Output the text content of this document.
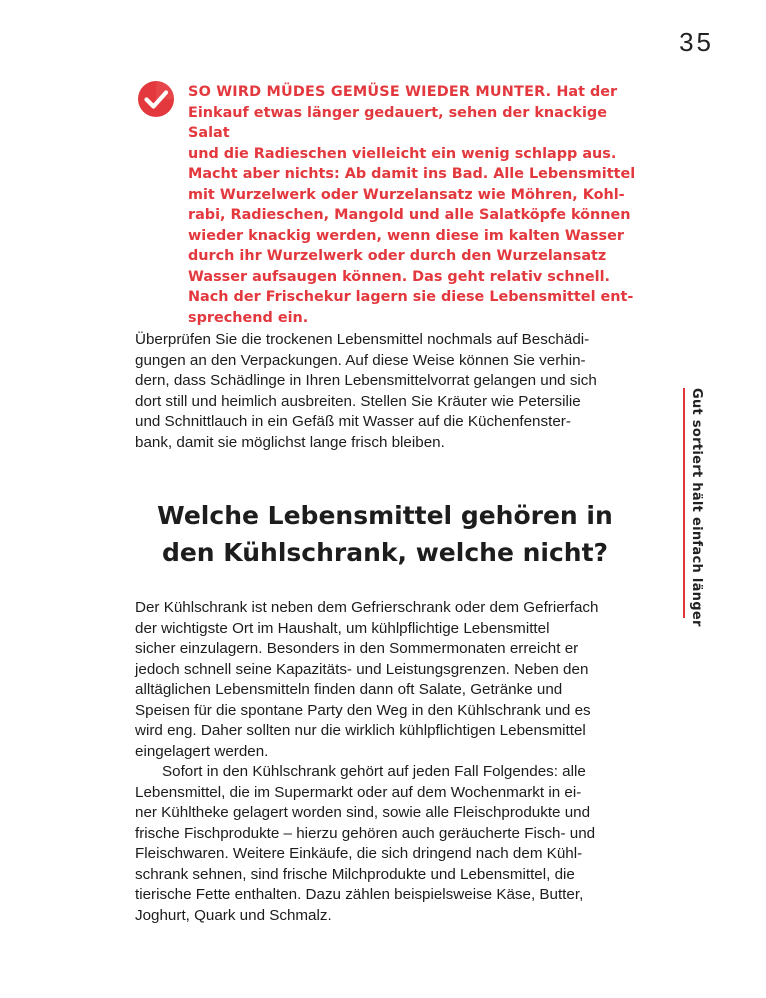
35
Gut sortiert hält einfach länger

SO WIRD MÜDES GEMÜSE WIEDER MUNTER. Hat der

Einkauf etwas länger gedauert, sehen der knackige Salat

und die Radieschen vielleicht ein wenig schlapp aus.

Macht aber nichts: Ab damit ins Bad. Alle Lebensmittel

mit Wurzelwerk oder Wurzelansatz wie Möhren, Kohl-

rabi, Radieschen, Mangold und alle Salatköpfe können

wieder knackig werden, wenn diese im kalten Wasser

durch ihr Wurzelwerk oder durch den Wurzelansatz

Wasser aufsaugen können. Das geht relativ schnell.

Nach der Frischekur lagern sie diese Lebensmittel ent-

sprechend ein.

Überprüfen Sie die trockenen Lebensmittel nochmals auf Beschädi-

gungen an den Verpackungen. Auf diese Weise können Sie verhin-

dern, dass Schädlinge in Ihren Lebensmittelvorrat gelangen und sich

dort still und heimlich ausbreiten. Stellen Sie Kräuter wie Petersilie

und Schnittlauch in ein Gefäß mit Wasser auf die Küchenfenster-

bank, damit sie möglichst lange frisch bleiben.

Welche Lebensmittel gehören in
den Kühlschrank, welche nicht?

Der Kühlschrank ist neben dem Gefrierschrank oder dem Gefrierfach

der wichtigste Ort im Haushalt, um kühlpflichtige Lebensmittel

sicher einzulagern. Besonders in den Sommermonaten erreicht er

jedoch schnell seine Kapazitäts- und Leistungsgrenzen. Neben den

alltäglichen Lebensmitteln finden dann oft Salate, Getränke und

Speisen für die spontane Party den Weg in den Kühlschrank und es

wird eng. Daher sollten nur die wirklich kühlpflichtigen Lebensmittel

eingelagert werden.

Sofort in den Kühlschrank gehört auf jeden Fall Folgendes: alle

Lebensmittel, die im Supermarkt oder auf dem Wochenmarkt in ei-

ner Kühltheke gelagert worden sind, sowie alle Fleischprodukte und

frische Fischprodukte – hierzu gehören auch geräucherte Fisch- und

Fleischwaren. Weitere Einkäufe, die sich dringend nach dem Kühl-

schrank sehnen, sind frische Milchprodukte und Lebensmittel, die

tierische Fette enthalten. Dazu zählen beispielsweise Käse, Butter,

Joghurt, Quark und Schmalz.
